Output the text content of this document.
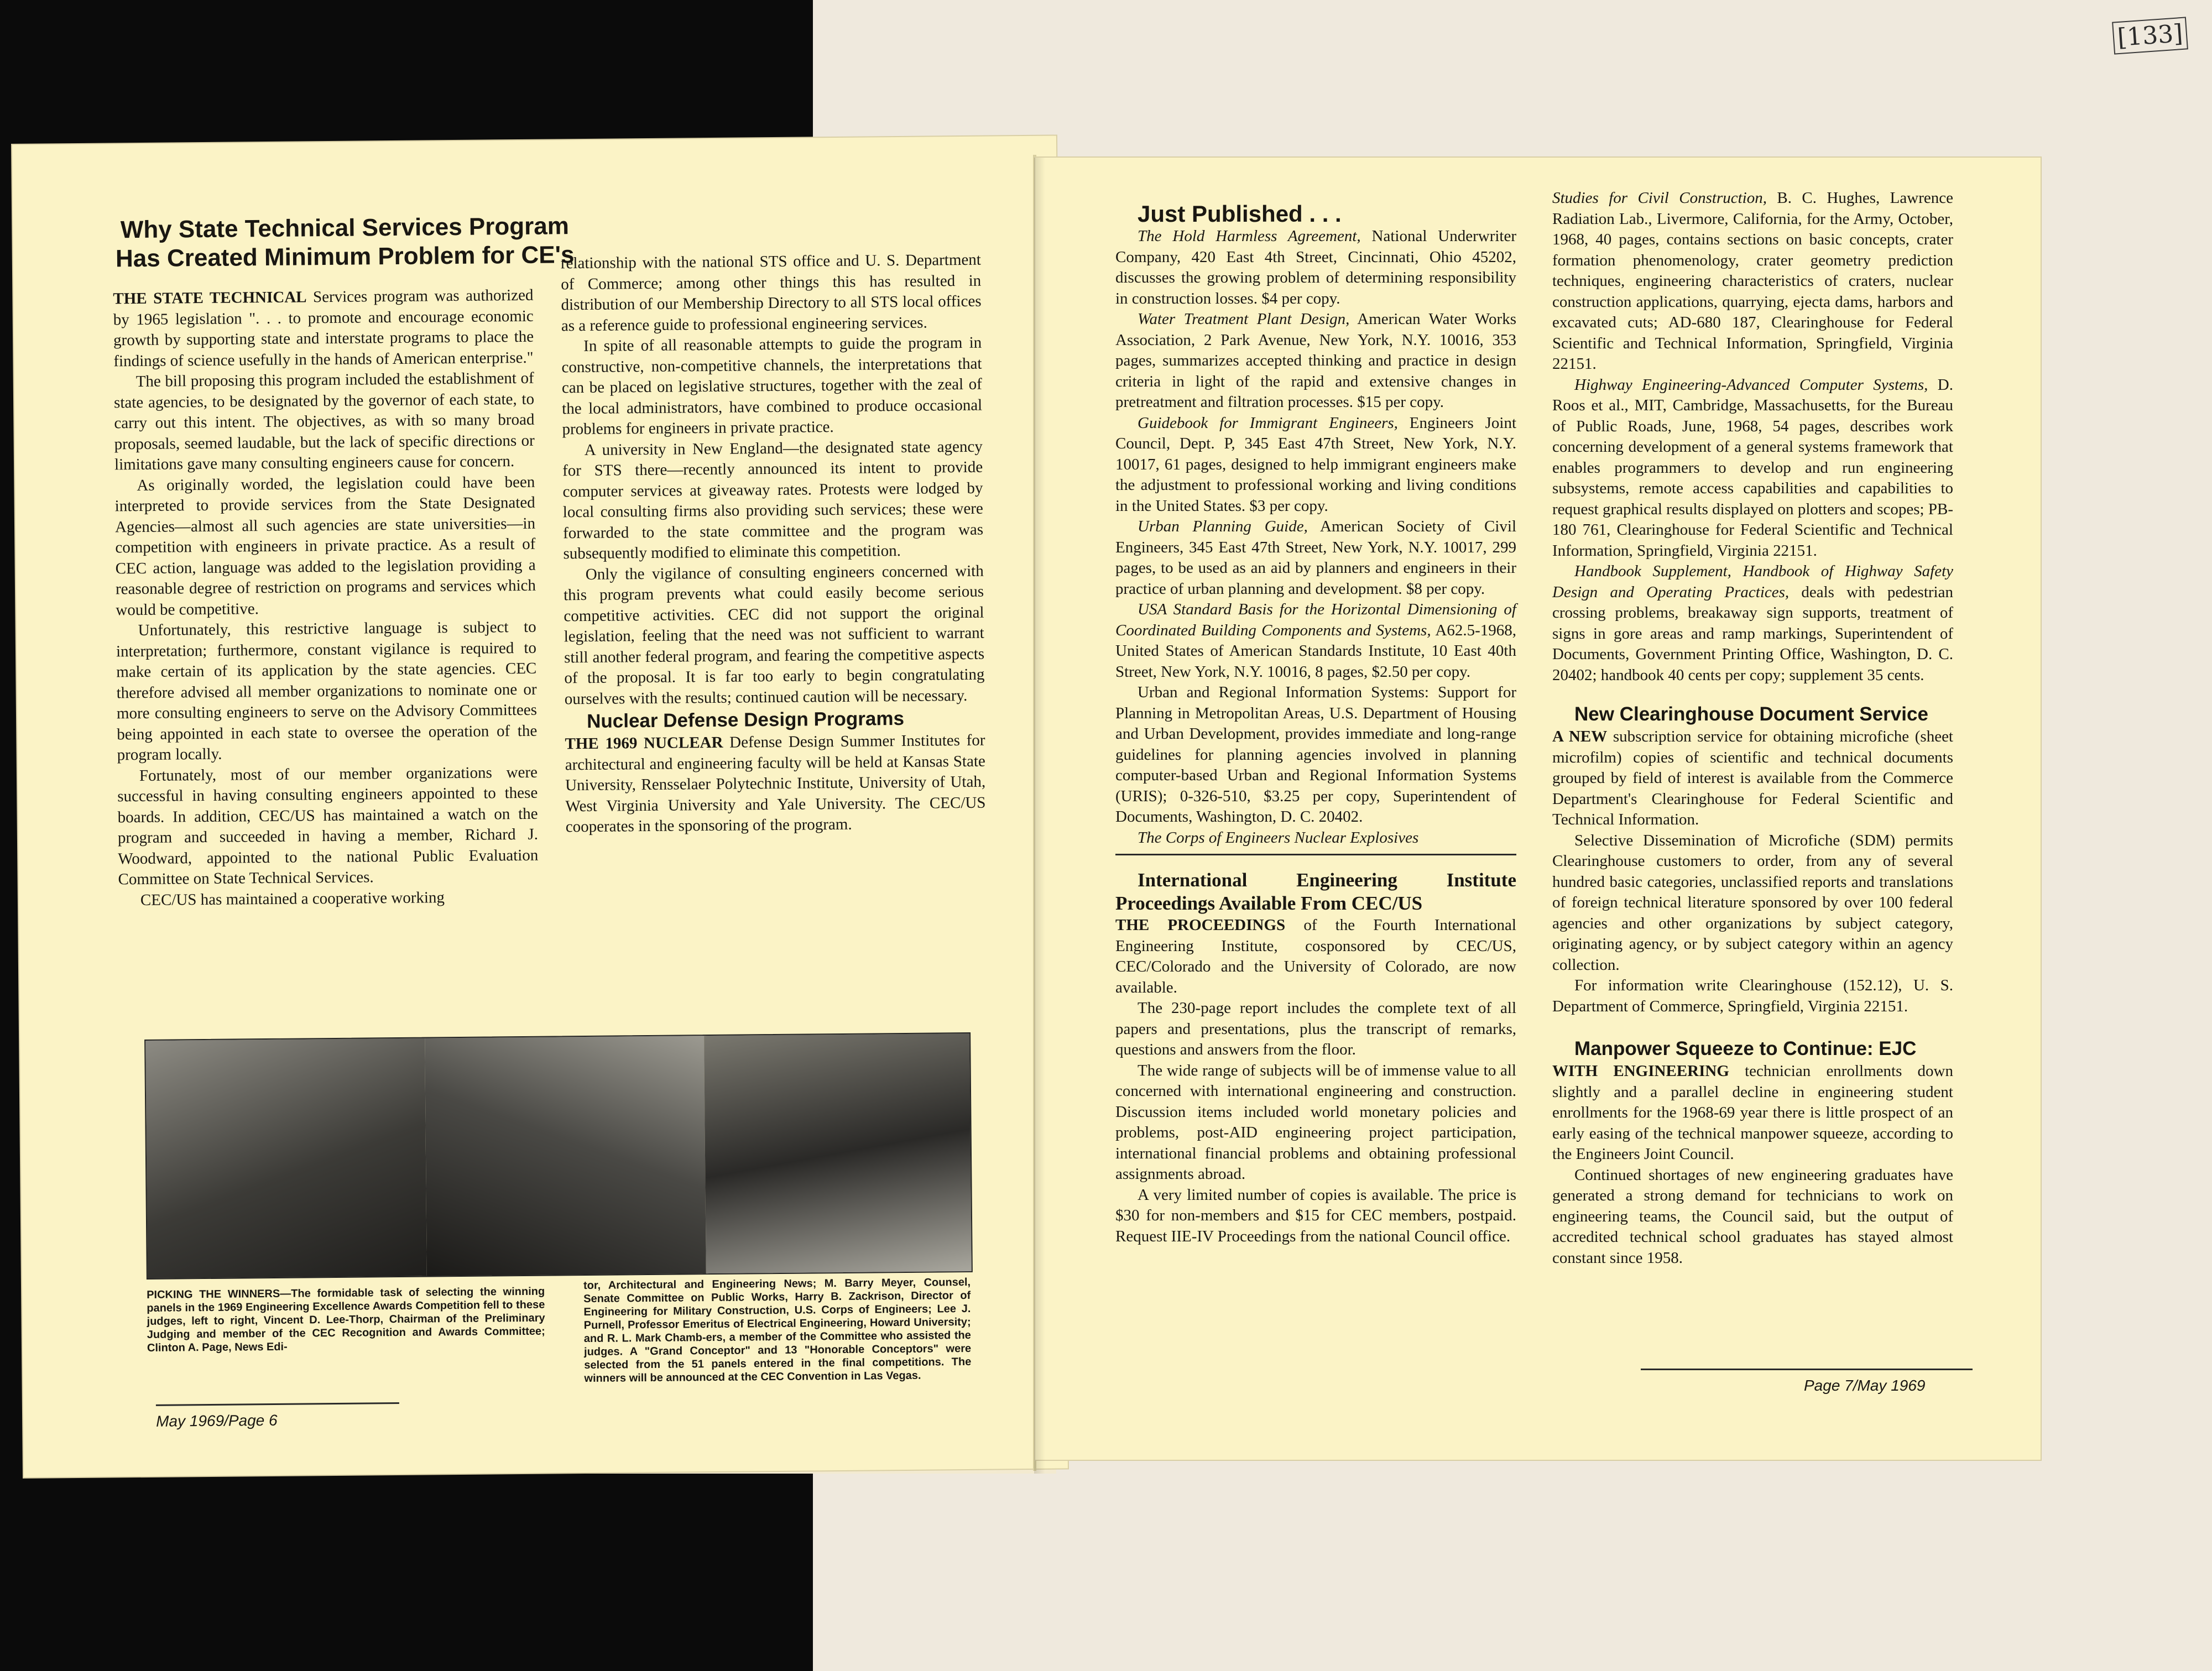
[133]
Why State Technical Services Program
Has Created Minimum Problem for CE's

THE STATE TECHNICAL Services program was authorized by 1965 legislation ". . . to promote and encourage economic growth by supporting state and interstate programs to place the findings of science usefully in the hands of American enterprise."

The bill proposing this program included the establishment of state agencies, to be designated by the governor of each state, to carry out this intent. The objectives, as with so many broad proposals, seemed laudable, but the lack of specific directions or limitations gave many consulting engineers cause for concern.

As originally worded, the legislation could have been interpreted to provide services from the State Designated Agencies—almost all such agencies are state universities—in competition with engineers in private practice. As a result of CEC action, language was added to the legislation providing a reasonable degree of restriction on programs and services which would be competitive.

Unfortunately, this restrictive language is subject to interpretation; furthermore, constant vigilance is required to make certain of its application by the state agencies. CEC therefore advised all member organizations to nominate one or more consulting engineers to serve on the Advisory Committees being appointed in each state to oversee the operation of the program locally.

Fortunately, most of our member organizations were successful in having consulting engineers appointed to these boards. In addition, CEC/US has maintained a watch on the program and succeeded in having a member, Richard J. Woodward, appointed to the national Public Evaluation Committee on State Technical Services.

CEC/US has maintained a cooperative working

relationship with the national STS office and U. S. Department of Commerce; among other things this has resulted in distribution of our Membership Directory to all STS local offices as a reference guide to professional engineering services.

In spite of all reasonable attempts to guide the program in constructive, non-competitive channels, the interpretations that can be placed on legislative structures, together with the zeal of the local administrators, have combined to produce occasional problems for engineers in private practice.

A university in New England—the designated state agency for STS there—recently announced its intent to provide computer services at giveaway rates. Protests were lodged by local consulting firms also providing such services; these were forwarded to the state committee and the program was subsequently modified to eliminate this competition.

Only the vigilance of consulting engineers concerned with this program prevents what could easily become serious competitive activities. CEC did not support the original legislation, feeling that the need was not sufficient to warrant still another federal program, and fearing the competitive aspects of the proposal. It is far too early to begin congratulating ourselves with the results; continued caution will be necessary.

Nuclear Defense Design Programs

THE 1969 NUCLEAR Defense Design Summer Institutes for architectural and engineering faculty will be held at Kansas State University, Rensselaer Polytechnic Institute, University of Utah, West Virginia University and Yale University. The CEC/US cooperates in the sponsoring of the program.

PICKING THE WINNERS—The formidable task of selecting the winning panels in the 1969 Engineering Excellence Awards Competition fell to these judges, left to right, Vincent D. Lee-Thorp, Chairman of the Preliminary Judging and member of the CEC Recognition and Awards Committee; Clinton A. Page, News Edi-
tor, Architectural and Engineering News; M. Barry Meyer, Counsel, Senate Committee on Public Works, Harry B. Zackrison, Director of Engineering for Military Construction, U.S. Corps of Engineers; Lee J. Purnell, Professor Emeritus of Electrical Engineering, Howard University; and R. L. Mark Chamb-ers, a member of the Committee who assisted the judges. A "Grand Conceptor" and 13 "Honorable Conceptors" were selected from the 51 panels entered in the final competitions. The winners will be announced at the CEC Convention in Las Vegas.
May 1969/Page 6

Just Published . . .

The Hold Harmless Agreement, National Underwriter Company, 420 East 4th Street, Cincinnati, Ohio 45202, discusses the growing problem of determining responsibility in construction losses. $4 per copy.

Water Treatment Plant Design, American Water Works Association, 2 Park Avenue, New York, N.Y. 10016, 353 pages, summarizes accepted thinking and practice in design criteria in light of the rapid and extensive changes in pretreatment and filtration processes. $15 per copy.

Guidebook for Immigrant Engineers, Engineers Joint Council, Dept. P, 345 East 47th Street, New York, N.Y. 10017, 61 pages, designed to help immigrant engineers make the adjustment to professional working and living conditions in the United States. $3 per copy.

Urban Planning Guide, American Society of Civil Engineers, 345 East 47th Street, New York, N.Y. 10017, 299 pages, to be used as an aid by planners and engineers in their practice of urban planning and development. $8 per copy.

USA Standard Basis for the Horizontal Dimensioning of Coordinated Building Components and Systems, A62.5-1968, United States of American Standards Institute, 10 East 40th Street, New York, N.Y. 10016, 8 pages, $2.50 per copy.

Urban and Regional Information Systems: Support for Planning in Metropolitan Areas, U.S. Department of Housing and Urban Development, provides immediate and long-range guidelines for planning agencies involved in planning computer-based Urban and Regional Information Systems (URIS); 0-326-510, $3.25 per copy, Superintendent of Documents, Washington, D. C. 20402.

The Corps of Engineers Nuclear Explosives

International Engineering Institute Proceedings Available From CEC/US

THE PROCEEDINGS of the Fourth International Engineering Institute, cosponsored by CEC/US, CEC/Colorado and the University of Colorado, are now available.

The 230-page report includes the complete text of all papers and presentations, plus the transcript of remarks, questions and answers from the floor.

The wide range of subjects will be of immense value to all concerned with international engineering and construction. Discussion items included world monetary policies and problems, post-AID engineering project participation, international financial problems and obtaining professional assignments abroad.

A very limited number of copies is available. The price is $30 for non-members and $15 for CEC members, postpaid. Request IIE-IV Proceedings from the national Council office.

Studies for Civil Construction, B. C. Hughes, Lawrence Radiation Lab., Livermore, California, for the Army, October, 1968, 40 pages, contains sections on basic concepts, crater formation phenomenology, crater geometry prediction techniques, engineering characteristics of craters, nuclear construction applications, quarrying, ejecta dams, harbors and excavated cuts; AD-680 187, Clearinghouse for Federal Scientific and Technical Information, Springfield, Virginia 22151.

Highway Engineering-Advanced Computer Systems, D. Roos et al., MIT, Cambridge, Massachusetts, for the Bureau of Public Roads, June, 1968, 54 pages, describes work concerning development of a general systems framework that enables programmers to develop and run engineering subsystems, remote access capabilities and capabilities to request graphical results displayed on plotters and scopes; PB-180 761, Clearinghouse for Federal Scientific and Technical Information, Springfield, Virginia 22151.

Handbook Supplement, Handbook of Highway Safety Design and Operating Practices, deals with pedestrian crossing problems, breakaway sign supports, treatment of signs in gore areas and ramp markings, Superintendent of Documents, Government Printing Office, Washington, D. C. 20402; handbook 40 cents per copy; supplement 35 cents.

New Clearinghouse Document Service

A NEW subscription service for obtaining microfiche (sheet microfilm) copies of scientific and technical documents grouped by field of interest is available from the Commerce Department's Clearinghouse for Federal Scientific and Technical Information.

Selective Dissemination of Microfiche (SDM) permits Clearinghouse customers to order, from any of several hundred basic categories, unclassified reports and translations of foreign technical literature sponsored by over 100 federal agencies and other organizations by subject category, originating agency, or by subject category within an agency collection.

For information write Clearinghouse (152.12), U. S. Department of Commerce, Springfield, Virginia 22151.

Manpower Squeeze to Continue: EJC

WITH ENGINEERING technician enrollments down slightly and a parallel decline in engineering student enrollments for the 1968-69 year there is little prospect of an early easing of the technical manpower squeeze, according to the Engineers Joint Council.

Continued shortages of new engineering graduates have generated a strong demand for technicians to work on engineering teams, the Council said, but the output of accredited technical school graduates has stayed almost constant since 1958.

Page 7/May 1969
